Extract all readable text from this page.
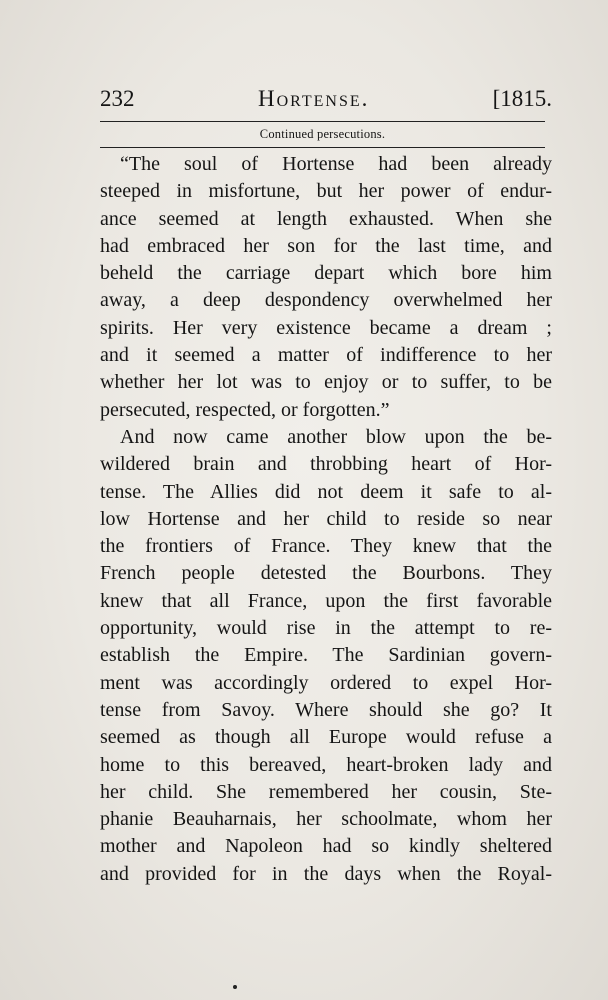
232	Hortense.	[1815.
Continued persecutions.
“The soul of Hortense had been already
steeped in misfortune, but her power of endur-
ance seemed at length exhausted. When she
had embraced her son for the last time, and
beheld the carriage depart which bore him
away, a deep despondency overwhelmed her
spirits. Her very existence became a dream ;
and it seemed a matter of indifference to her
whether her lot was to enjoy or to suffer, to be
persecuted, respected, or forgotten.”
And now came another blow upon the be-
wildered brain and throbbing heart of Hor-
tense. The Allies did not deem it safe to al-
low Hortense and her child to reside so near
the frontiers of France. They knew that the
French people detested the Bourbons. They
knew that all France, upon the first favorable
opportunity, would rise in the attempt to re-
establish the Empire. The Sardinian govern-
ment was accordingly ordered to expel Hor-
tense from Savoy. Where should she go? It
seemed as though all Europe would refuse a
home to this bereaved, heart-broken lady and
her child. She remembered her cousin, Ste-
phanie Beauharnais, her schoolmate, whom her
mother and Napoleon had so kindly sheltered
and provided for in the days when the Royal-
